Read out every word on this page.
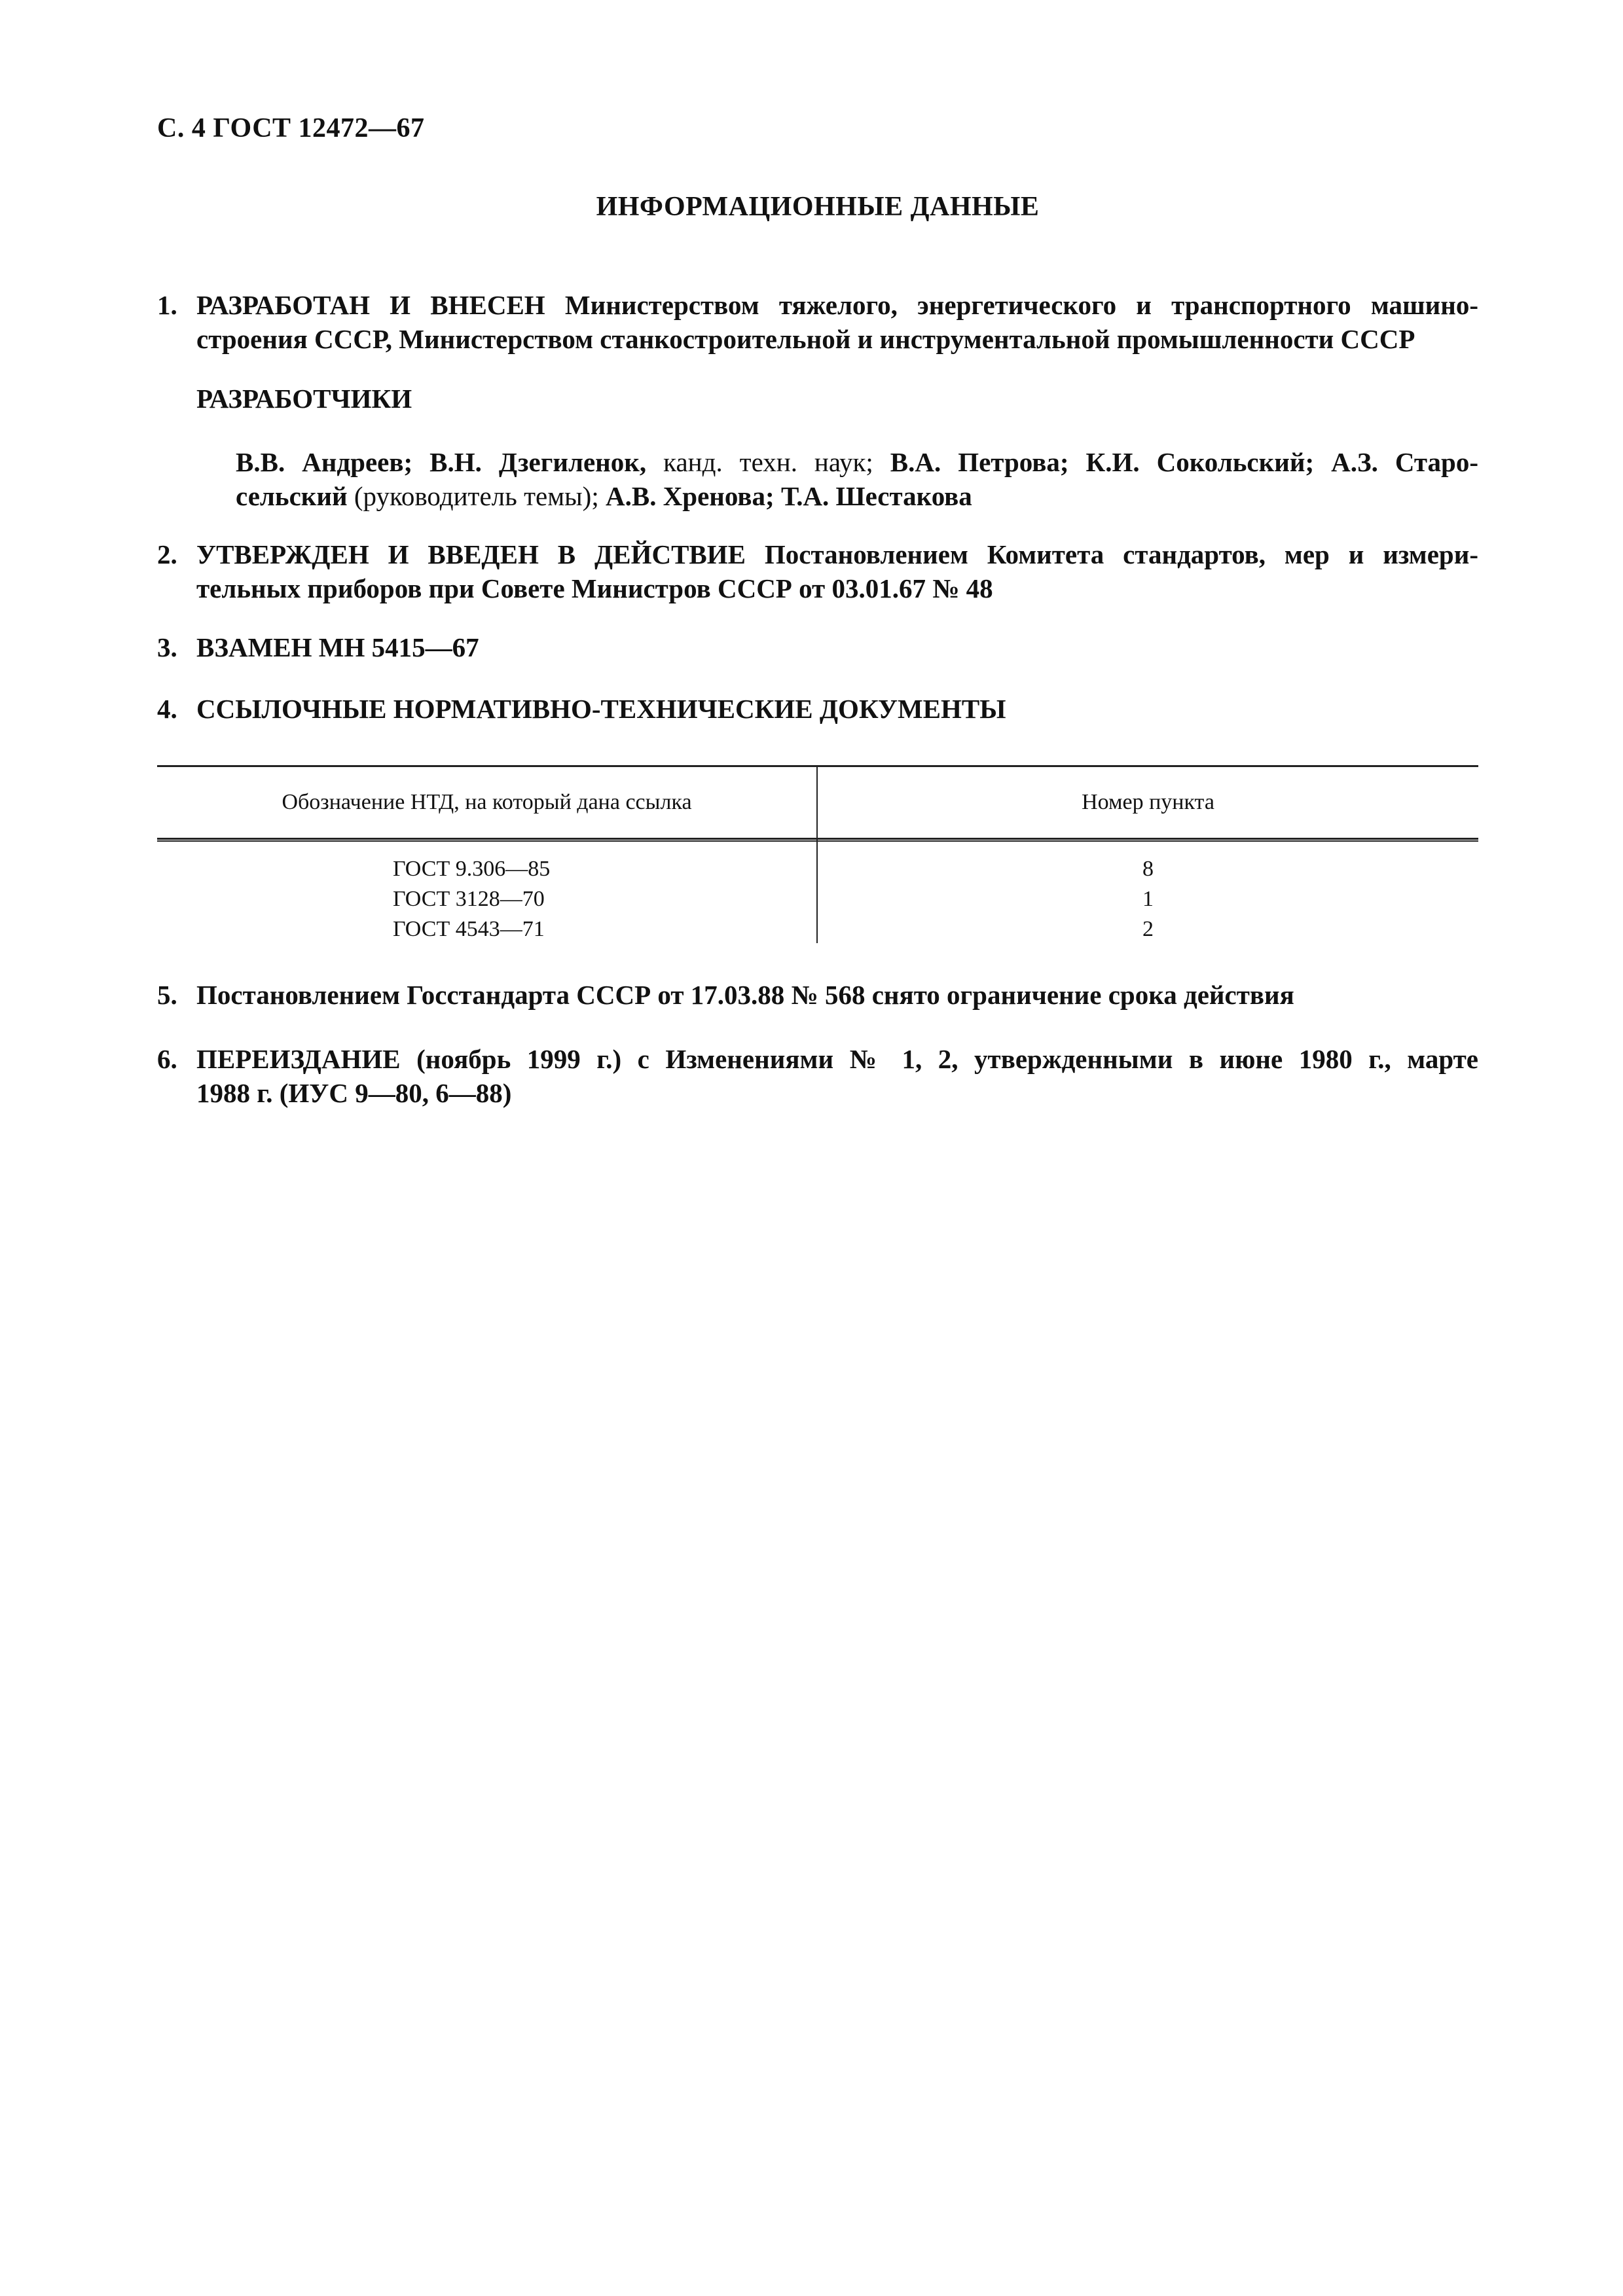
С. 4 ГОСТ 12472—67
ИНФОРМАЦИОННЫЕ ДАННЫЕ
1. РАЗРАБОТАН И ВНЕСЕН Министерством тяжелого, энергетического и транспортного машино-
строения СССР, Министерством станкостроительной и инструментальной промышленности СССР
РАЗРАБОТЧИКИ
В.В. Андреев; В.Н. Дзегиленок, канд. техн. наук; В.А. Петрова; К.И. Сокольский; А.З. Старо-
сельский (руководитель темы); А.В. Хренова; Т.А. Шестакова
2. УТВЕРЖДЕН И ВВЕДЕН В ДЕЙСТВИЕ Постановлением Комитета стандартов, мер и измери-
тельных приборов при Совете Министров СССР от 03.01.67 № 48
3. ВЗАМЕН МН 5415—67
4. ССЫЛОЧНЫЕ НОРМАТИВНО-ТЕХНИЧЕСКИЕ ДОКУМЕНТЫ
Обозначение НТД, на который дана ссылка	Номер пункта
ГОСТ 9.306—85	8
ГОСТ 3128—70	1
ГОСТ 4543—71	2
5. Постановлением Госстандарта СССР от 17.03.88 № 568 снято ограничение срока действия
6. ПЕРЕИЗДАНИЕ (ноябрь 1999 г.) с Изменениями № 1, 2, утвержденными в июне 1980 г., марте
1988 г. (ИУС 9—80, 6—88)
